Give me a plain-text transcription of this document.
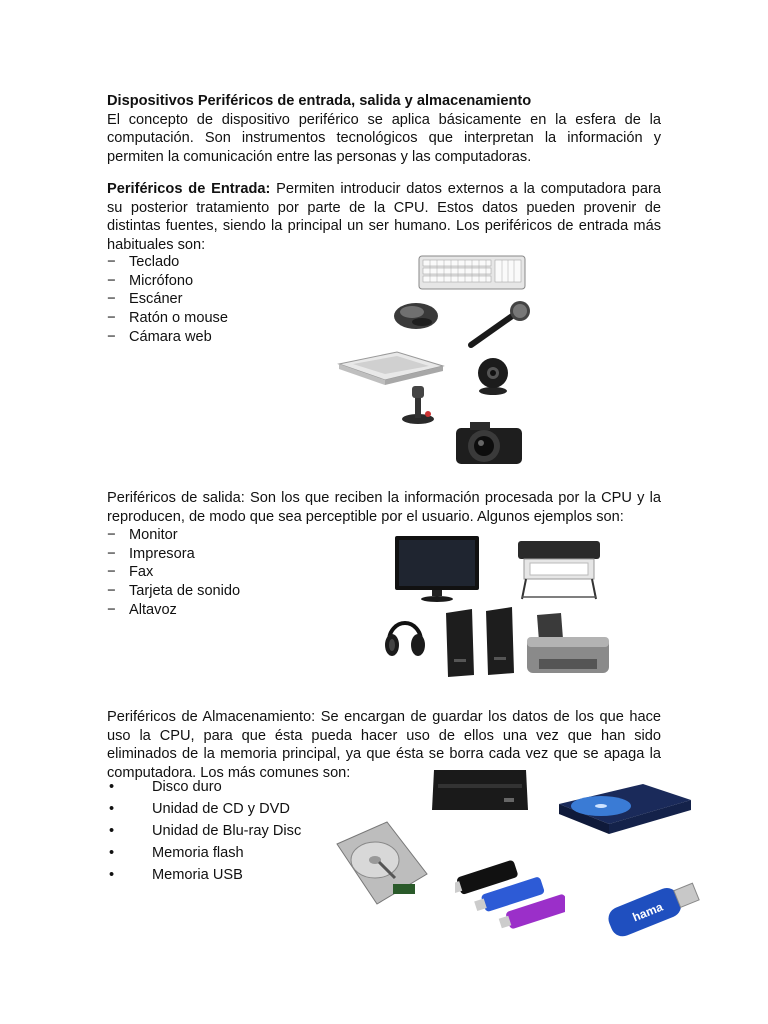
Dispositivos Periféricos de entrada, salida y almacenamiento
El concepto de dispositivo periférico se aplica básicamente en la esfera de la computación. Son instrumentos tecnológicos que interpretan la información y permiten la comunicación entre las personas y las computadoras.

Periféricos de Entrada: Permiten introducir datos externos a la computadora para su posterior tratamiento por parte de la CPU. Estos datos pueden provenir de distintas fuentes, siendo la principal un ser humano. Los periféricos de entrada más habituales son:

− Teclado
− Micrófono
− Escáner
− Ratón o mouse
− Cámara web

Periféricos de salida: Son los que reciben la información procesada por la CPU y la reproducen, de modo que sea perceptible por el usuario. Algunos ejemplos son:

− Monitor
− Impresora
− Fax
− Tarjeta de sonido
− Altavoz

Periféricos de Almacenamiento: Se encargan de guardar los datos de los que hace uso la CPU, para que ésta pueda hacer uso de ellos una vez que han sido eliminados de la memoria principal, ya que ésta se borra cada vez que se apaga la computadora. Los más comunes son:

• Disco duro
• Unidad de CD y DVD
• Unidad de Blu-ray Disc
• Memoria flash
• Memoria USB
hama
